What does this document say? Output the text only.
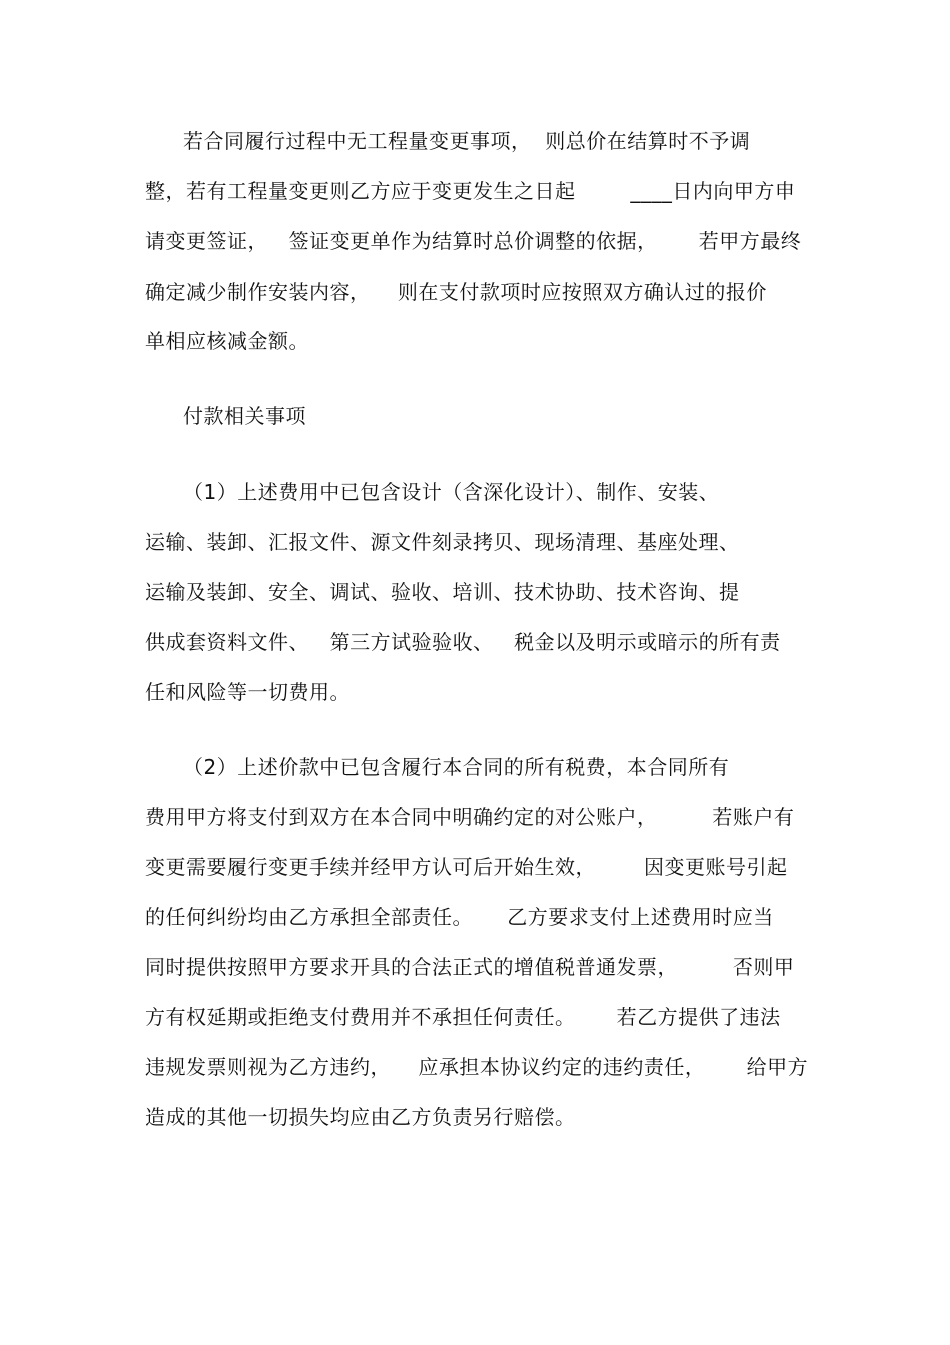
若合同履行过程中无工程量变更事项，  则总价在结算时不予调
整，若有工程量变更则乙方应于变更发生之日起        ____日内向甲方申
请变更签证，   签证变更单作为结算时总价调整的依据，      若甲方最终
确定减少制作安装内容，    则在支付款项时应按照双方确认过的报价
单相应核减金额。
付款相关事项
（1）上述费用中已包含设计（含深化设计）、制作、安装、
运输、装卸、汇报文件、源文件刻录拷贝、现场清理、基座处理、
运输及装卸、安全、调试、验收、培训、技术协助、技术咨询、提
供成套资料文件、   第三方试验验收、   税金以及明示或暗示的所有责
任和风险等一切费用。
（2）上述价款中已包含履行本合同的所有税费，本合同所有
费用甲方将支付到双方在本合同中明确约定的对公账户，        若账户有
变更需要履行变更手续并经甲方认可后开始生效，       因变更账号引起
的任何纠纷均由乙方承担全部责任。     乙方要求支付上述费用时应当
同时提供按照甲方要求开具的合法正式的增值税普通发票，        否则甲
方有权延期或拒绝支付费用并不承担任何责任。      若乙方提供了违法
违规发票则视为乙方违约，    应承担本协议约定的违约责任，      给甲方
造成的其他一切损失均应由乙方负责另行赔偿。
